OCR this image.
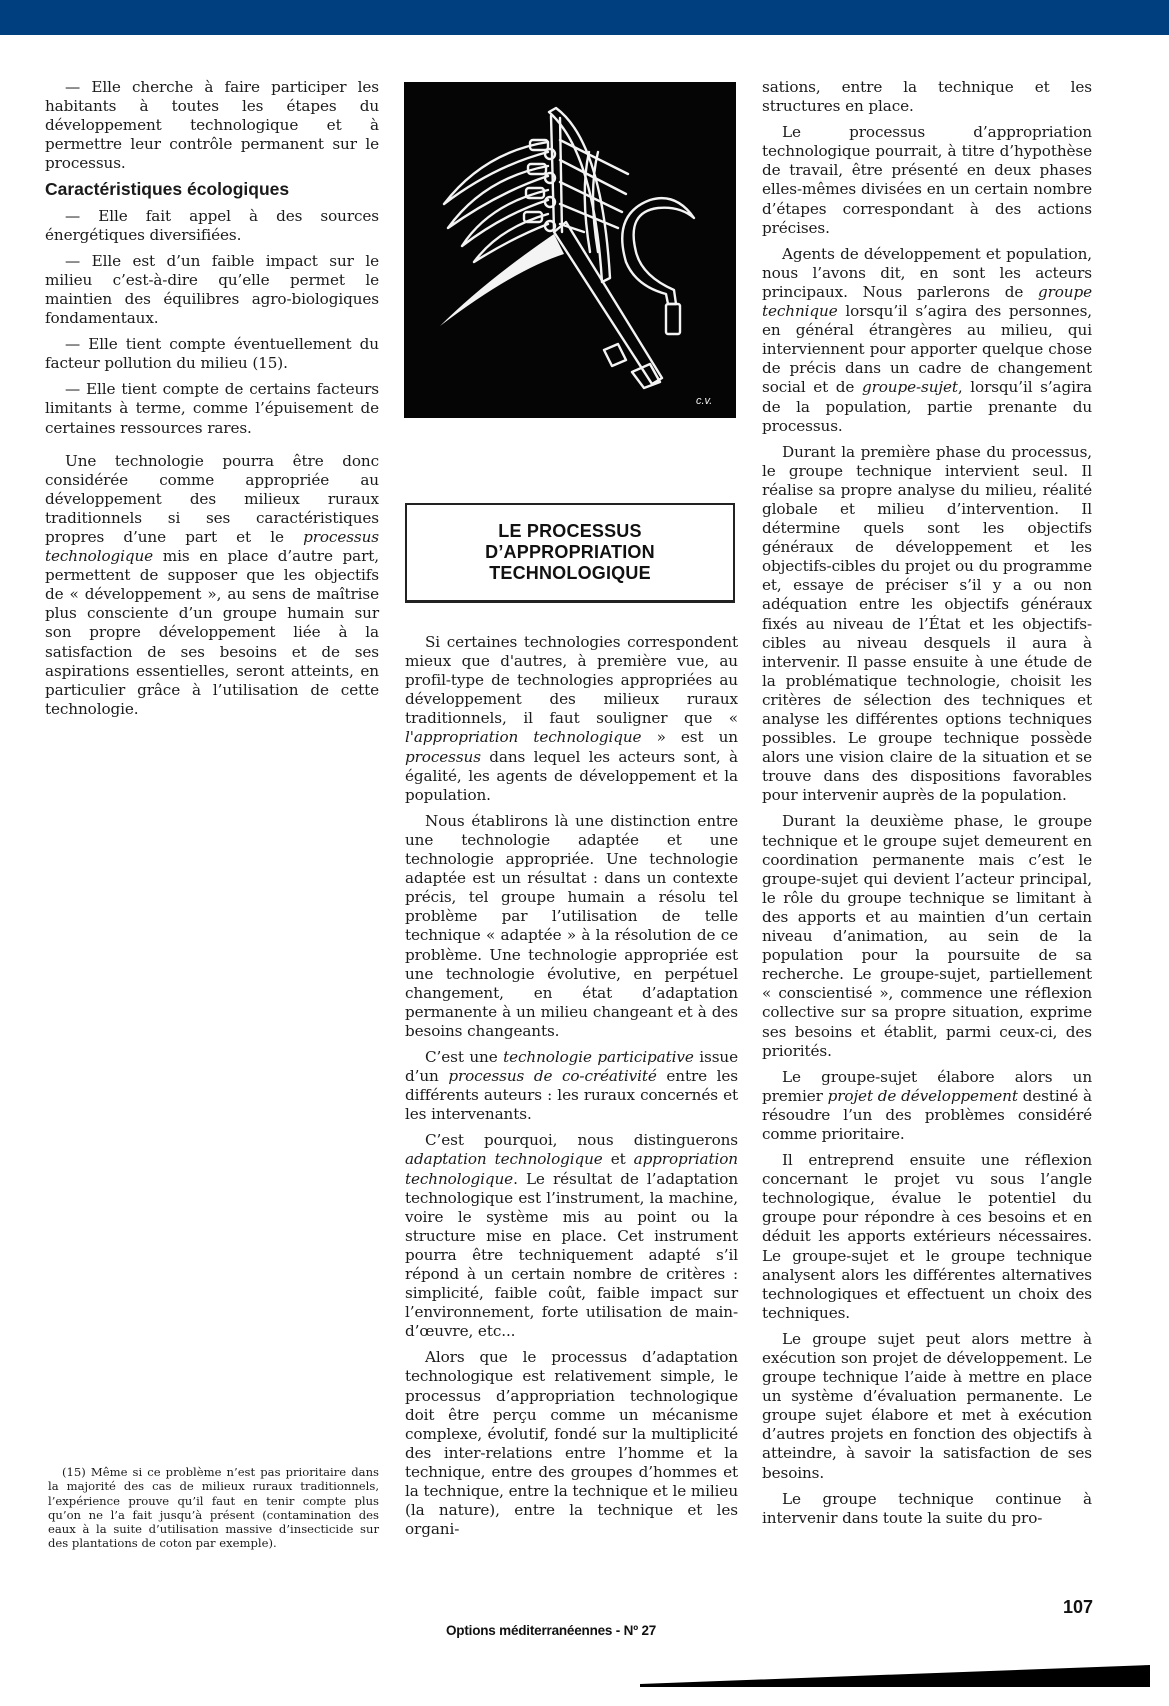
— Elle cherche à faire participer les habitants à toutes les étapes du développement technologique et à permettre leur contrôle permanent sur le processus.

Caractéristiques écologiques

— Elle fait appel à des sources énergétiques diversifiées.

— Elle est d’un faible impact sur le milieu c’est-à-dire qu’elle permet le maintien des équilibres agro-biologiques fondamentaux.

— Elle tient compte éventuellement du facteur pollution du milieu (15).

— Elle tient compte de certains facteurs limitants à terme, comme l’épuisement de certaines ressources rares.

Une technologie pourra être donc considérée comme appropriée au développement des milieux ruraux traditionnels si ses caractéristiques propres d’une part et le processus technologique mis en place d’autre part, permettent de supposer que les objectifs de « développement », au sens de maîtrise plus consciente d’un groupe humain sur son propre développement liée à la satisfaction de ses besoins et de ses aspirations essentielles, seront atteints, en particulier grâce à l’utilisation de cette technologie.

(15) Même si ce problème n’est pas prioritaire dans la majorité des cas de milieux ruraux traditionnels, l’expérience prouve qu’il faut en tenir compte plus qu’on ne l’a fait jusqu’à présent (contamination des eaux à la suite d’utilisation massive d’insecticide sur des plantations de coton par exemple).

c.v.
LE PROCESSUS
D’APPROPRIATION
TECHNOLOGIQUE

Si certaines technologies correspondent mieux que d'autres, à première vue, au profil-type de technologies appropriées au développement des milieux ruraux traditionnels, il faut souligner que « l'appropriation technologique » est un processus dans lequel les acteurs sont, à égalité, les agents de développement et la population.

Nous établirons là une distinction entre une technologie adaptée et une technologie appropriée. Une technologie adaptée est un résultat : dans un contexte précis, tel groupe humain a résolu tel problème par l’utilisation de telle technique « adaptée » à la résolution de ce problème. Une technologie appropriée est une technologie évolutive, en perpétuel changement, en état d’adaptation permanente à un milieu changeant et à des besoins changeants.

C’est une technologie participative issue d’un processus de co-créativité entre les différents auteurs : les ruraux concernés et les intervenants.

C’est pourquoi, nous distinguerons adaptation technologique et appropriation technologique. Le résultat de l’adaptation technologique est l’instrument, la machine, voire le système mis au point ou la structure mise en place. Cet instrument pourra être techniquement adapté s’il répond à un certain nombre de critères : simplicité, faible coût, faible impact sur l’environnement, forte utilisation de main-d’œuvre, etc...

Alors que le processus d’adaptation technologique est relativement simple, le processus d’appropriation technologique doit être perçu comme un mécanisme complexe, évolutif, fondé sur la multiplicité des inter-relations entre l’homme et la technique, entre des groupes d’hommes et la technique, entre la technique et le milieu (la nature), entre la technique et les organi-

sations, entre la technique et les structures en place.

Le processus d’appropriation technologique pourrait, à titre d’hypothèse de travail, être présenté en deux phases elles-mêmes divisées en un certain nombre d’étapes correspondant à des actions précises.

Agents de développement et population, nous l’avons dit, en sont les acteurs principaux. Nous parlerons de groupe technique lorsqu’il s’agira des personnes, en général étrangères au milieu, qui interviennent pour apporter quelque chose de précis dans un cadre de changement social et de groupe-sujet, lorsqu’il s’agira de la population, partie prenante du processus.

Durant la première phase du processus, le groupe technique intervient seul. Il réalise sa propre analyse du milieu, réalité globale et milieu d’intervention. Il détermine quels sont les objectifs généraux de développement et les objectifs-cibles du projet ou du programme et, essaye de préciser s’il y a ou non adéquation entre les objectifs généraux fixés au niveau de l’État et les objectifs-cibles au niveau desquels il aura à intervenir. Il passe ensuite à une étude de la problématique technologie, choisit les critères de sélection des techniques et analyse les différentes options techniques possibles. Le groupe technique possède alors une vision claire de la situation et se trouve dans des dispositions favorables pour intervenir auprès de la population.

Durant la deuxième phase, le groupe technique et le groupe sujet demeurent en coordination permanente mais c’est le groupe-sujet qui devient l’acteur principal, le rôle du groupe technique se limitant à des apports et au maintien d’un certain niveau d’animation, au sein de la population pour la poursuite de sa recherche. Le groupe-sujet, partiellement « conscientisé », commence une réflexion collective sur sa propre situation, exprime ses besoins et établit, parmi ceux-ci, des priorités.

Le groupe-sujet élabore alors un premier projet de développement destiné à résoudre l’un des problèmes considéré comme prioritaire.

Il entreprend ensuite une réflexion concernant le projet vu sous l’angle technologique, évalue le potentiel du groupe pour répondre à ces besoins et en déduit les apports extérieurs nécessaires. Le groupe-sujet et le groupe technique analysent alors les différentes alternatives technologiques et effectuent un choix des techniques.

Le groupe sujet peut alors mettre à exécution son projet de développement. Le groupe technique l’aide à mettre en place un système d’évaluation permanente. Le groupe sujet élabore et met à exécution d’autres projets en fonction des objectifs à atteindre, à savoir la satisfaction de ses besoins.

Le groupe technique continue à intervenir dans toute la suite du pro-

107
Options méditerranéennes - Nº 27
